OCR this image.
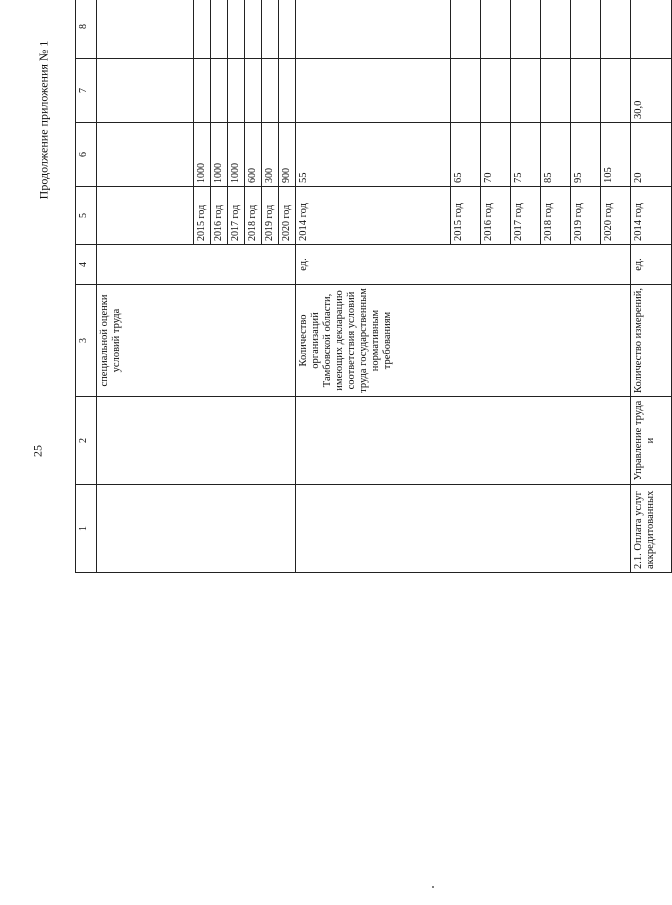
25
Продолжение приложения № 1
1	2	3	4	5	6	7	8			
		специальной оценки условий труда								
				2015 год	1000					
				2016 год	1000					
				2017 год	1000					
				2018 год	600					
				2019 год	300					
				2020 год	900					
		Количество организаций Тамбовской области, имеющих декларацию соответствия условий труда государственным нормативным требованиям	ед.	2014 год	55					
				2015 год	65					
				2016 год	70					
				2017 год	75					
				2018 год	85					
				2019 год	95					
				2020 год	105					
2.1. Оплата услуг аккредитованных	Управление труда и	Количество измерений,	ед.	2014 год	20	30,0				
